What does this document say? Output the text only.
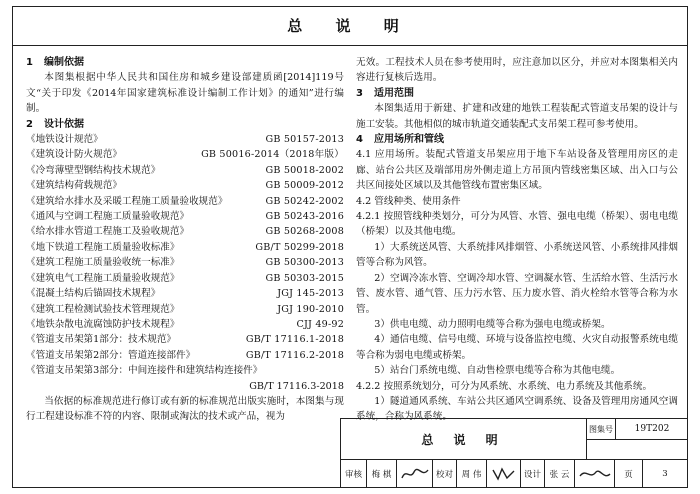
总 说 明
1 编制依据
本图集根据中华人民共和国住房和城乡建设部建质函[2014]119号文“关于印发《2014年国家建筑标准设计编制工作计划》的通知”进行编制。
2 设计依据
《地铁设计规范》	GB 50157-2013
《建筑设计防火规范》	GB 50016-2014（2018年版）
《冷弯薄壁型钢结构技术规范》	GB 50018-2002
《建筑结构荷载规范》	GB 50009-2012
《建筑给水排水及采暖工程施工质量验收规范》	GB 50242-2002
《通风与空调工程施工质量验收规范》	GB 50243-2016
《给水排水管道工程施工及验收规范》	GB 50268-2008
《地下铁道工程施工质量验收标准》	GB/T 50299-2018
《建筑工程施工质量验收统一标准》	GB 50300-2013
《建筑电气工程施工质量验收规范》	GB 50303-2015
《混凝土结构后锚固技术规程》	JGJ 145-2013
《建筑工程检测试验技术管理规范》	JGJ 190-2010
《地铁杂散电流腐蚀防护技术规程》	CJJ 49-92
《管道支吊架第1部分：技术规范》	GB/T 17116.1-2018
《管道支吊架第2部分：管道连接部件》	GB/T 17116.2-2018
《管道支吊架第3部分：中间连接件和建筑结构连接件》
GB/T 17116.3-2018
当依据的标准规范进行修订或有新的标准规范出版实施时，本图集与现行工程建设标准不符的内容、限制或淘汰的技术或产品，视为
无效。工程技术人员在参考使用时，应注意加以区分，并应对本图集相关内容进行复核后选用。
3 适用范围
本图集适用于新建、扩建和改建的地铁工程装配式管道支吊架的设计与施工安装。其他相似的城市轨道交通装配式支吊架工程可参考使用。
4 应用场所和管线
4.1 应用场所。装配式管道支吊架应用于地下车站设备及管理用房区的走廊、站台公共区及端部用房外侧走道上方吊顶内管线密集区域、出入口与公共区间接处区域以及其他管线布置密集区域。
4.2 管线种类、使用条件
4.2.1 按照管线种类划分，可分为风管、水管、强电电缆（桥架）、弱电电缆（桥架）以及其他电缆。
1）大系统送风管、大系统排风排烟管、小系统送风管、小系统排风排烟管等合称为风管。
2）空调冷冻水管、空调冷却水管、空调凝水管、生活给水管、生活污水管、废水管、通气管、压力污水管、压力废水管、消火栓给水管等合称为水管。
3）供电电缆、动力照明电缆等合称为强电电缆或桥架。
4）通信电缆、信号电缆、环境与设备监控电缆、火灾自动报警系统电缆等合称为弱电电缆或桥架。
5）站台门系统电缆、自动售检票电缆等合称为其他电缆。
4.2.2 按照系统划分，可分为风系统、水系统、电力系统及其他系统。
1）隧道通风系统、车站公共区通风空调系统、设备及管理用房通风空调系统，合称为风系统。
总 说 明
图集号	19T202
审核	梅 棋	校对	周 伟	设计	张 云	页	3
